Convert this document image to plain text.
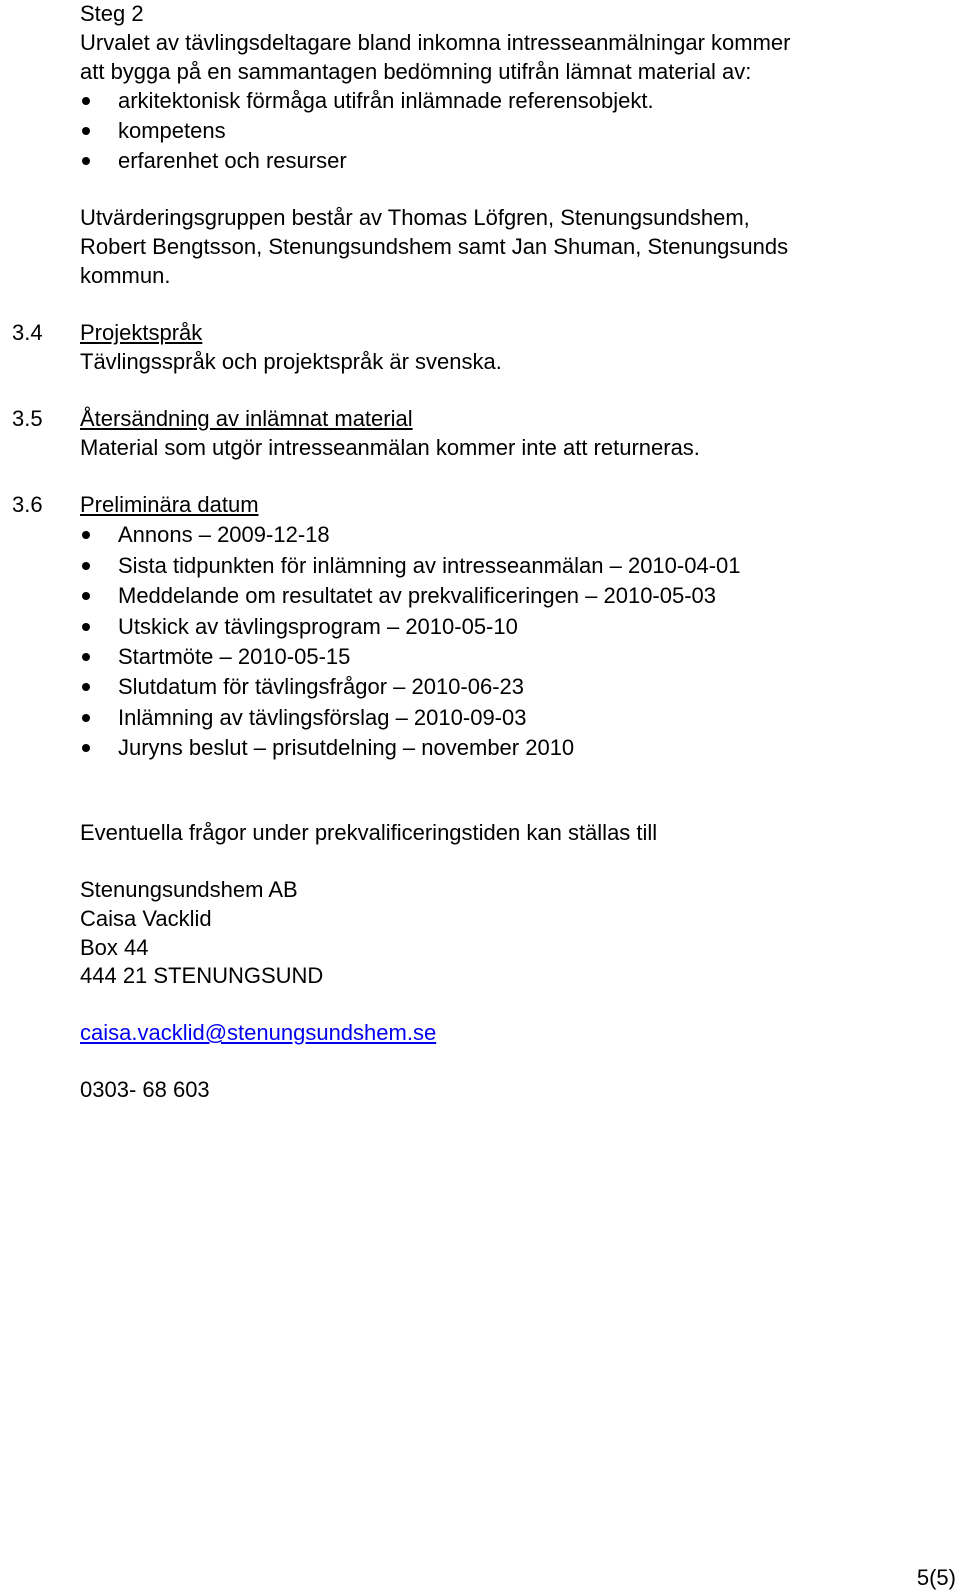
Steg 2
Urvalet av tävlingsdeltagare bland inkomna intresseanmälningar kommer
att bygga på en sammantagen bedömning utifrån lämnat material av:
arkitektonisk förmåga utifrån inlämnade referensobjekt.
kompetens
erfarenhet och resurser
Utvärderingsgruppen består av Thomas Löfgren, Stenungsundshem,
Robert Bengtsson, Stenungsundshem samt Jan Shuman, Stenungsunds
kommun.
3.4 Projektspråk
Tävlingsspråk och projektspråk är svenska.
3.5 Återsändning av inlämnat material
Material som utgör intresseanmälan kommer inte att returneras.
3.6 Preliminära datum
Annons – 2009-12-18
Sista tidpunkten för inlämning av intresseanmälan – 2010-04-01
Meddelande om resultatet av prekvalificeringen – 2010-05-03
Utskick av tävlingsprogram – 2010-05-10
Startmöte – 2010-05-15
Slutdatum för tävlingsfrågor – 2010-06-23
Inlämning av tävlingsförslag – 2010-09-03
Juryns beslut – prisutdelning – november 2010
Eventuella frågor under prekvalificeringstiden kan ställas till
Stenungsundshem AB
Caisa Vacklid
Box 44
444 21 STENUNGSUND
caisa.vacklid@stenungsundshem.se
0303- 68 603
5(5)
